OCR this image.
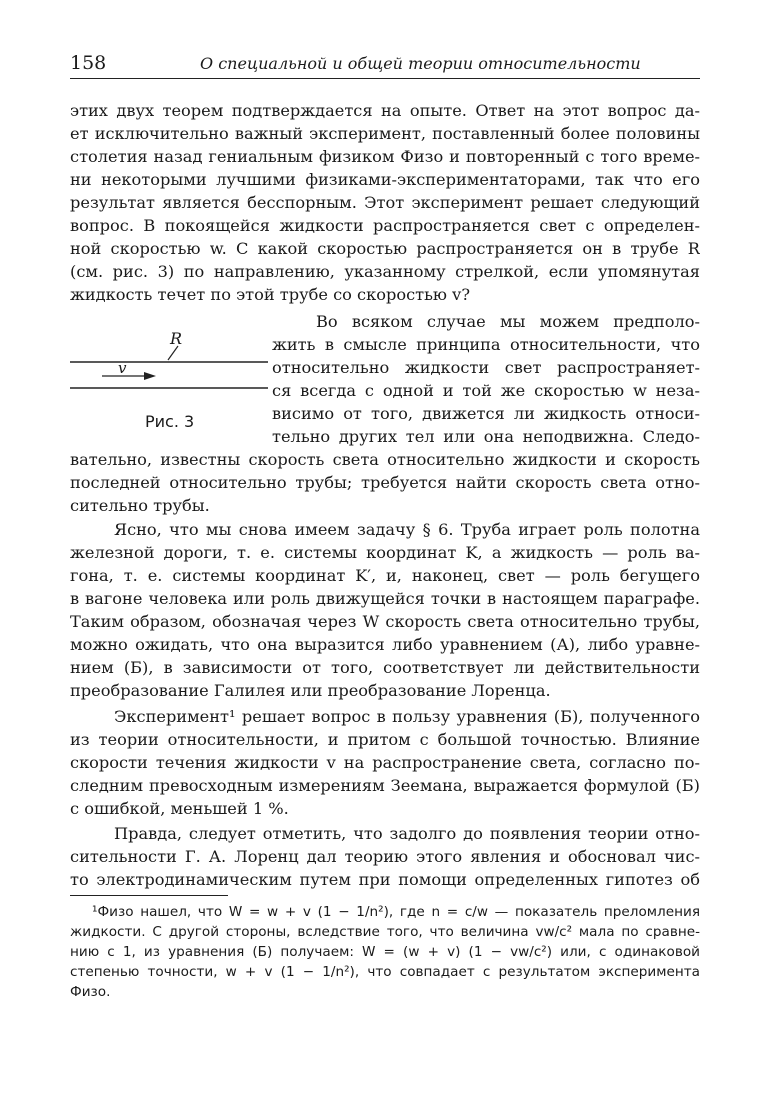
158	О специальной и общей теории относительности
этих двух теорем подтверждается на опыте. Ответ на этот вопрос да-
ет исключительно важный эксперимент, поставленный более половины
столетия назад гениальным физиком Физо и повторенный с того време-
ни некоторыми лучшими физиками-экспериментаторами, так что его
результат является бесспорным. Этот эксперимент решает следующий
вопрос. В покоящейся жидкости распространяется свет с определен-
ной скоростью w. С какой скоростью распространяется он в трубе R
(см. рис. 3) по направлению, указанному стрелкой, если упомянутая
жидкость течет по этой трубе со скоростью v?
R
v
Рис. 3
Во всяком случае мы можем предполо-
жить в смысле принципа относительности, что
относительно жидкости свет распространяет-
ся всегда с одной и той же скоростью w неза-
висимо от того, движется ли жидкость относи-
тельно других тел или она неподвижна. Следо-
вательно, известны скорость света относительно жидкости и скорость
последней относительно трубы; требуется найти скорость света отно-
сительно трубы.
Ясно, что мы снова имеем задачу § 6. Труба играет роль полотна
железной дороги, т. е. системы координат K, а жидкость — роль ва-
гона, т. е. системы координат K′, и, наконец, свет — роль бегущего
в вагоне человека или роль движущейся точки в настоящем параграфе.
Таким образом, обозначая через W скорость света относительно трубы,
можно ожидать, что она выразится либо уравнением (А), либо уравне-
нием (Б), в зависимости от того, соответствует ли действительности
преобразование Галилея или преобразование Лоренца.
Эксперимент¹ решает вопрос в пользу уравнения (Б), полученного
из теории относительности, и притом с большой точностью. Влияние
скорости течения жидкости v на распространение света, согласно по-
следним превосходным измерениям Зеемана, выражается формулой (Б)
с ошибкой, меньшей 1 %.
Правда, следует отметить, что задолго до появления теории отно-
сительности Г. А. Лоренц дал теорию этого явления и обосновал чис-
то электродинамическим путем при помощи определенных гипотез об
¹Физо нашел, что W = w + v (1 − 1/n²), где n = c/w — показатель преломления
жидкости. С другой стороны, вследствие того, что величина vw/c² мала по сравне-
нию с 1, из уравнения (Б) получаем: W = (w + v) (1 − vw/c²) или, с одинаковой
степенью точности, w + v (1 − 1/n²), что совпадает с результатом эксперимента
Физо.
